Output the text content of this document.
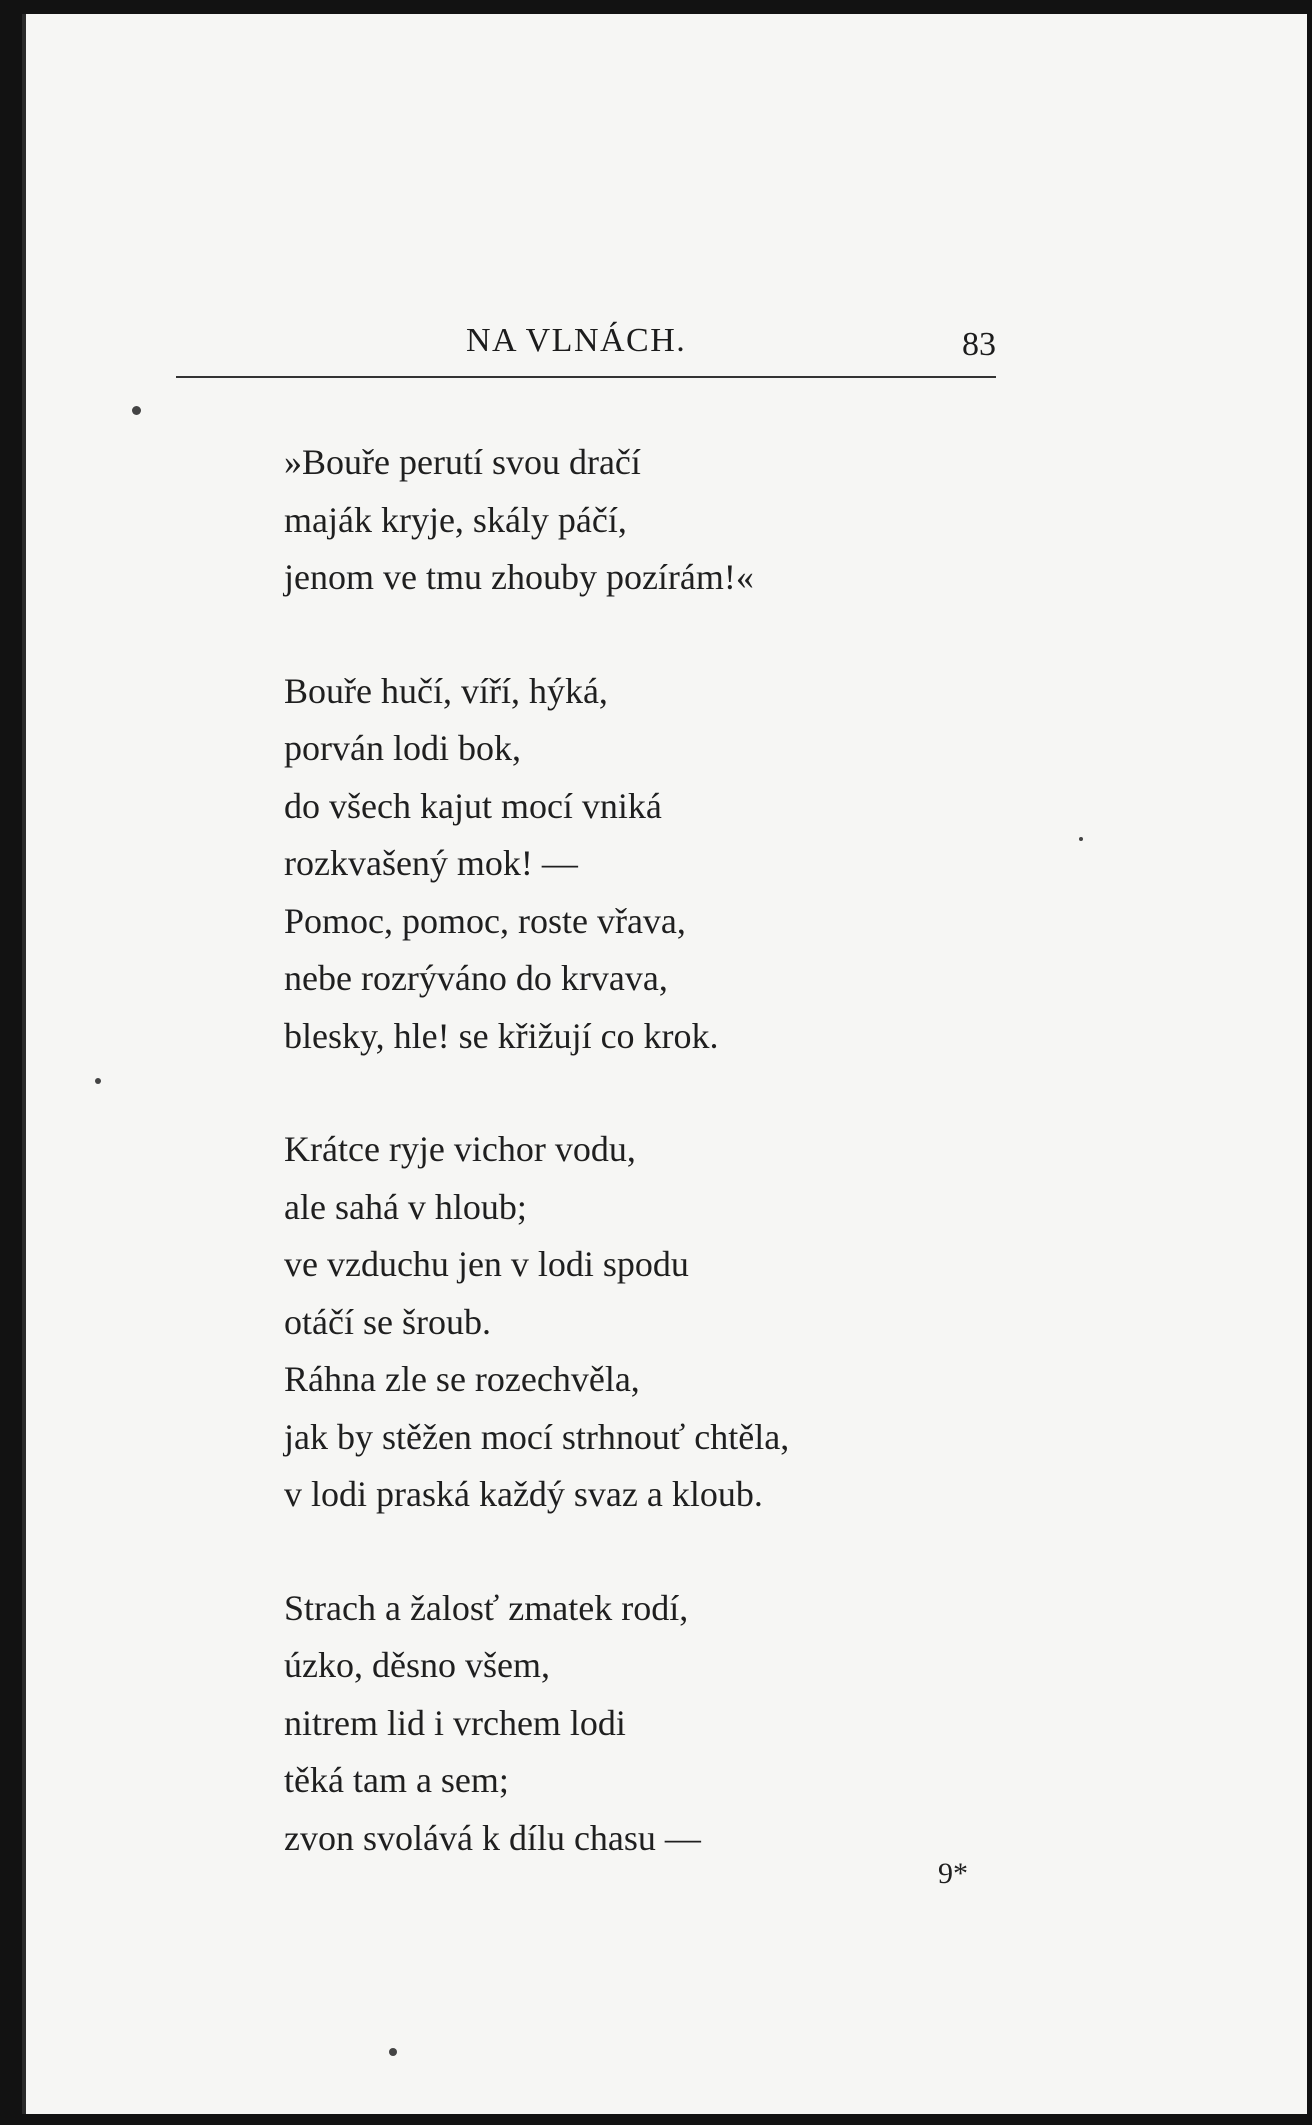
NA VLNÁCH.	83
»Bouře perutí svou dračí
maják kryje, skály páčí,
jenom ve tmu zhouby pozírám!«
Bouře hučí, víří, hýká,
porván lodi bok,
do všech kajut mocí vniká
rozkvašený mok! —
Pomoc, pomoc, roste vřava,
nebe rozrýváno do krvava,
blesky, hle! se křižují co krok.
Krátce ryje vichor vodu,
ale sahá v hloub;
ve vzduchu jen v lodi spodu
otáčí se šroub.
Ráhna zle se rozechvěla,
jak by stěžen mocí strhnouť chtěla,
v lodi praská každý svaz a kloub.
Strach a žalosť zmatek rodí,
úzko, děsno všem,
nitrem lid i vrchem lodi
těká tam a sem;
zvon svolává k dílu chasu —
9*
